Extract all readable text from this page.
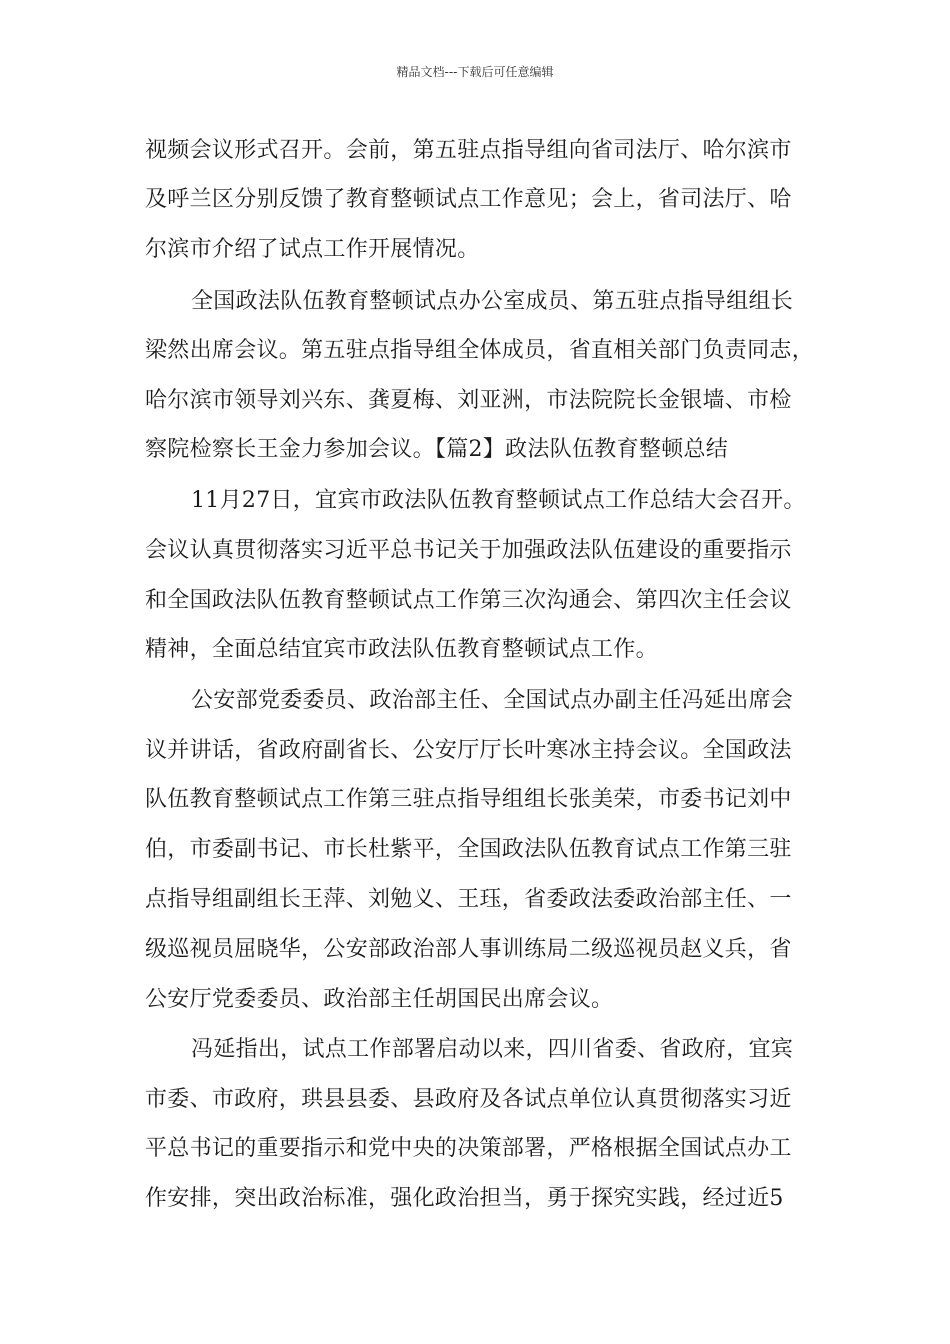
精品文档---下载后可任意编辑
视频会议形式召开。会前，第五驻点指导组向省司法厅、哈尔滨市
及呼兰区分别反馈了教育整顿试点工作意见；会上，省司法厅、哈
尔滨市介绍了试点工作开展情况。
全国政法队伍教育整顿试点办公室成员、第五驻点指导组组长
梁然出席会议。第五驻点指导组全体成员，省直相关部门负责同志，
哈尔滨市领导刘兴东、龚夏梅、刘亚洲，市法院院长金银墙、市检
察院检察长王金力参加会议。【篇2】政法队伍教育整顿总结
11月27日，宜宾市政法队伍教育整顿试点工作总结大会召开。
会议认真贯彻落实习近平总书记关于加强政法队伍建设的重要指示
和全国政法队伍教育整顿试点工作第三次沟通会、第四次主任会议
精神，全面总结宜宾市政法队伍教育整顿试点工作。
公安部党委委员、政治部主任、全国试点办副主任冯延出席会
议并讲话，省政府副省长、公安厅厅长叶寒冰主持会议。全国政法
队伍教育整顿试点工作第三驻点指导组组长张美荣，市委书记刘中
伯，市委副书记、市长杜紫平，全国政法队伍教育试点工作第三驻
点指导组副组长王萍、刘勉义、王珏，省委政法委政治部主任、一
级巡视员屈晓华，公安部政治部人事训练局二级巡视员赵义兵，省
公安厅党委委员、政治部主任胡国民出席会议。
冯延指出，试点工作部署启动以来，四川省委、省政府，宜宾
市委、市政府，珙县县委、县政府及各试点单位认真贯彻落实习近
平总书记的重要指示和党中央的决策部署，严格根据全国试点办工
作安排，突出政治标准，强化政治担当，勇于探究实践，经过近5
